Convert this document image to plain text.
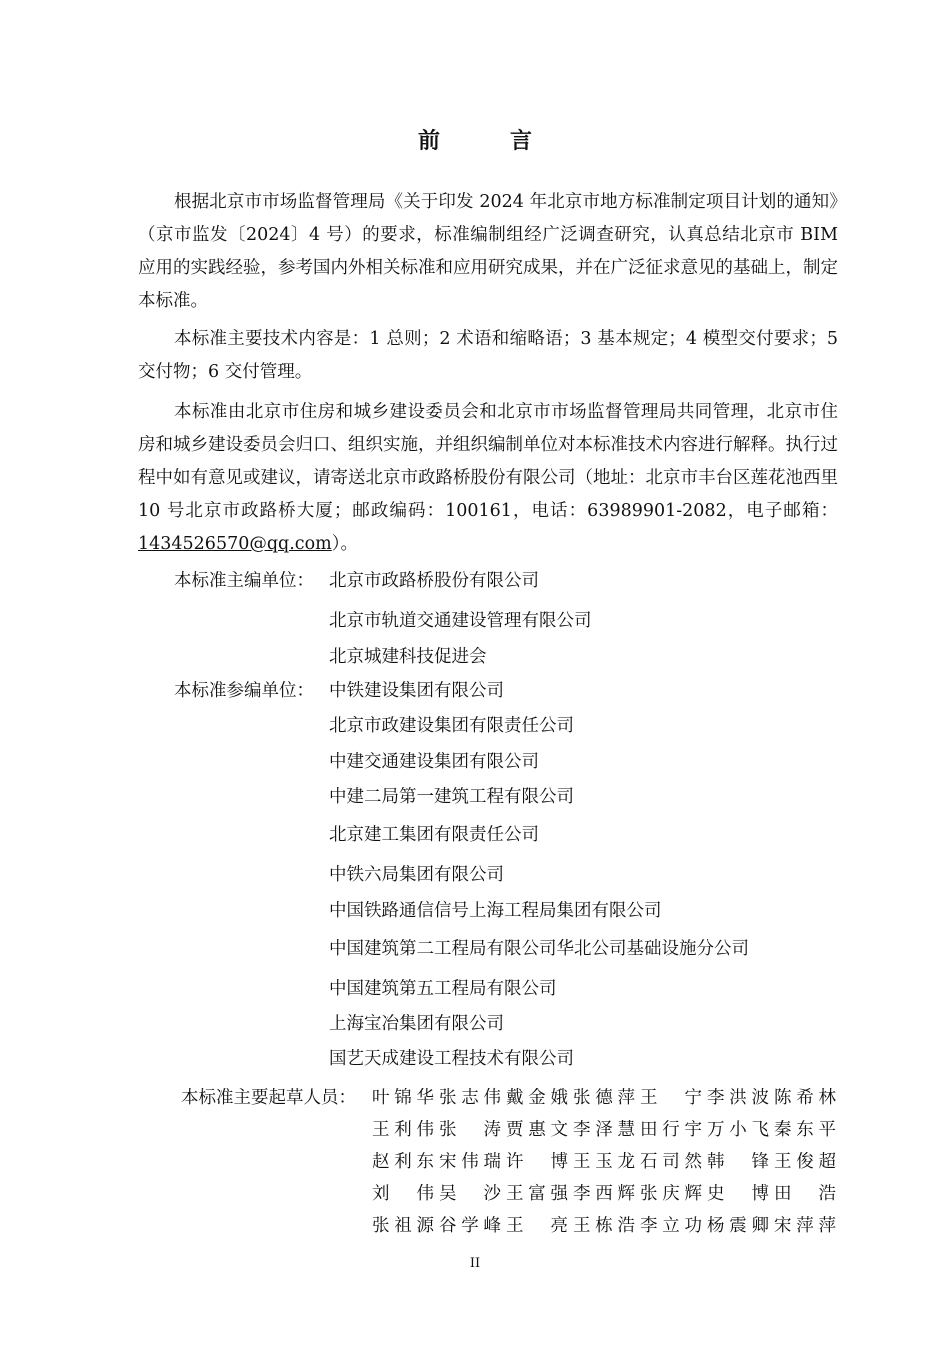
前　言

根据北京市市场监督管理局《关于印发 2024 年北京市地方标准制定项目计划的通知》（京市监发〔2024〕4 号）的要求，标准编制组经广泛调查研究，认真总结北京市 BIM 应用的实践经验，参考国内外相关标准和应用研究成果，并在广泛征求意见的基础上，制定本标准。

本标准主要技术内容是：1 总则；2 术语和缩略语；3 基本规定；4 模型交付要求；5 交付物；6 交付管理。

本标准由北京市住房和城乡建设委员会和北京市市场监督管理局共同管理，北京市住房和城乡建设委员会归口、组织实施，并组织编制单位对本标准技术内容进行解释。执行过程中如有意见或建议，请寄送北京市政路桥股份有限公司（地址：北京市丰台区莲花池西里 10 号北京市政路桥大厦；邮政编码：100161，电话：63989901-2082，电子邮箱：1434526570@qq.com）。

本标准主编单位： 北京市政路桥股份有限公司
北京市轨道交通建设管理有限公司
北京城建科技促进会
本标准参编单位： 中铁建设集团有限公司
北京市政建设集团有限责任公司
中建交通建设集团有限公司
中建二局第一建筑工程有限公司
北京建工集团有限责任公司
中铁六局集团有限公司
中国铁路通信信号上海工程局集团有限公司
中国建筑第二工程局有限公司华北公司基础设施分公司
中国建筑第五工程局有限公司
上海宝冶集团有限公司
国艺天成建设工程技术有限公司
本标准主要起草人员： 叶锦华 张志伟 戴金娥 张德萍 王　宁 李洪波 陈希林
王利伟 张　涛 贾惠文 李泽慧 田行宇 万小飞 秦东平
赵利东 宋伟瑞 许　博 王玉龙 石司然 韩　锋 王俊超
刘　伟 吴　沙 王富强 李西辉 张庆辉 史　博 田　浩
张祖源 谷学峰 王　亮 王栋浩 李立功 杨震卿 宋萍萍
II
